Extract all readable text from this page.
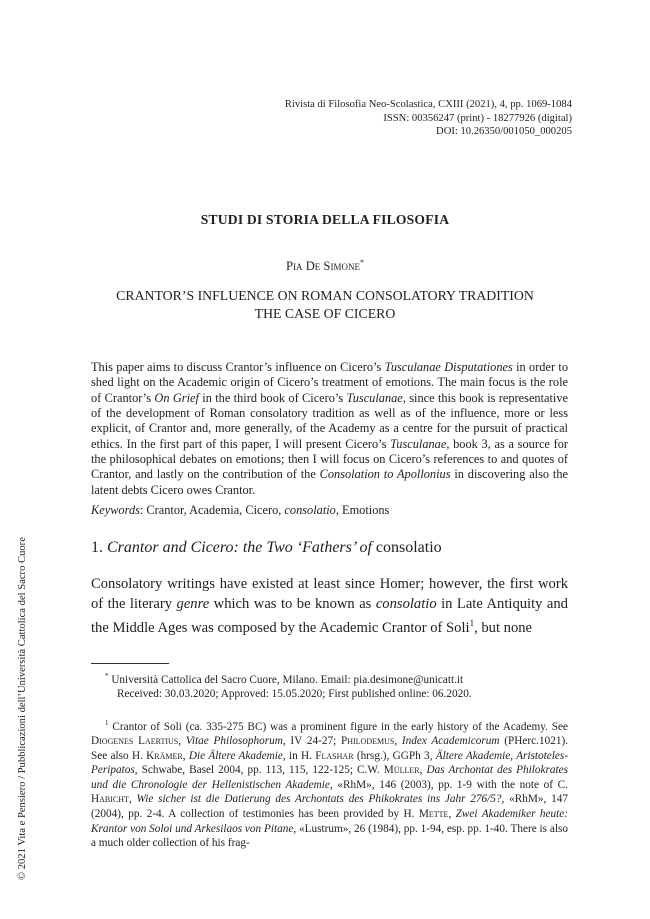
Rivista di Filosofia Neo-Scolastica, CXIII (2021), 4, pp. 1069-1084
ISSN: 00356247 (print) - 18277926 (digital)
DOI: 10.26350/001050_000205
STUDI DI STORIA DELLA FILOSOFIA
Pia De Simone*
CRANTOR’S INFLUENCE ON ROMAN CONSOLATORY TRADITION
THE CASE OF CICERO

This paper aims to discuss Crantor’s influence on Cicero’s Tusculanae Disputationes in order to shed light on the Academic origin of Cicero’s treatment of emotions. The main focus is the role of Crantor’s On Grief in the third book of Cicero’s Tusculanae, since this book is representative of the development of Roman consolatory tradition as well as of the influence, more or less explicit, of Crantor and, more generally, of the Academy as a centre for the pursuit of practical ethics. In the first part of this paper, I will present Cicero’s Tusculanae, book 3, as a source for the philosophical debates on emotions; then I will focus on Cicero’s references to and quotes of Crantor, and lastly on the contribution of the Consolation to Apollonius in discovering also the latent debts Cicero owes Crantor.

Keywords: Crantor, Academia, Cicero, consolatio, Emotions
1. Crantor and Cicero: the Two ‘Fathers’ of consolatio

Consolatory writings have existed at least since Homer; however, the first work of the literary genre which was to be known as consolatio in Late Antiquity and the Middle Ages was composed by the Academic Crantor of Soli$^1$, but none

* Università Cattolica del Sacro Cuore, Milano. Email: pia.desimone@unicatt.it
Received: 30.03.2020; Approved: 15.05.2020; First published online: 06.2020.

$^1$ Crantor of Soli (ca. 335-275 BC) was a prominent figure in the early history of the Academy. See Diogenes Laertius, Vitae Philosophorum, IV 24-27; Philodemus, Index Academicorum (PHerc.1021). See also H. Krämer, Die Ältere Akademie, in H. Flashar (hrsg.), GGPh 3, Ältere Akademie, Aristoteles-Peripatos, Schwabe, Basel 2004, pp. 113, 115, 122-125; C.W. Müller, Das Archontat des Philokrates und die Chronologie der Hellenistischen Akademie, «RhM», 146 (2003), pp. 1-9 with the note of C. Habicht, Wie sicher ist die Datierung des Archontats des Phikokrates ins Jahr 276/5?, «RhM», 147 (2004), pp. 2-4. A collection of testimonies has been provided by H. Mette, Zwei Akademiker heute: Krantor von Soloi und Arkesilaos von Pitane, «Lustrum», 26 (1984), pp. 1-94, esp. pp. 1-40. There is also a much older collection of his frag-

© 2021 Vita e Pensiero / Pubblicazioni dell’Università Cattolica del Sacro Cuore
